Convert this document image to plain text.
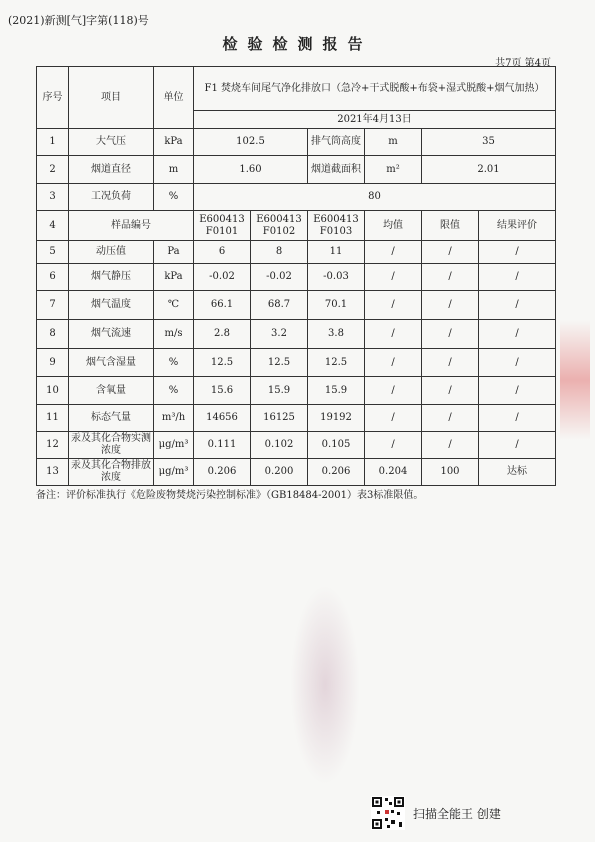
(2021)新测[气]字第(118)号
检验检测报告
共7页 第4页
序号	项目	单位	F1 焚烧车间尾气净化排放口（急冷+干式脱酸+布袋+湿式脱酸+烟气加热）					
			2021年4月13日					
1	大气压	kPa	102.5		排气筒高度	m	35	
2	烟道直径	m	1.60		烟道截面积	m²	2.01	
3	工况负荷	%	80					
4	样品编号		E600413 F0101	E600413 F0102	E600413 F0103	均值	限值	结果评价
5	动压值	Pa	6	8	11	/	/	/
6	烟气静压	kPa	-0.02	-0.02	-0.03	/	/	/
7	烟气温度	℃	66.1	68.7	70.1	/	/	/
8	烟气流速	m/s	2.8	3.2	3.8	/	/	/
9	烟气含湿量	%	12.5	12.5	12.5	/	/	/
10	含氧量	%	15.6	15.9	15.9	/	/	/
11	标态气量	m³/h	14656	16125	19192	/	/	/
12	汞及其化合物实测浓度	μg/m³	0.111	0.102	0.105	/	/	/
13	汞及其化合物排放浓度	μg/m³	0.206	0.200	0.206	0.204	100	达标
备注：评价标准执行《危险废物焚烧污染控制标准》（GB18484-2001）表3标准限值。
扫描全能王 创建
